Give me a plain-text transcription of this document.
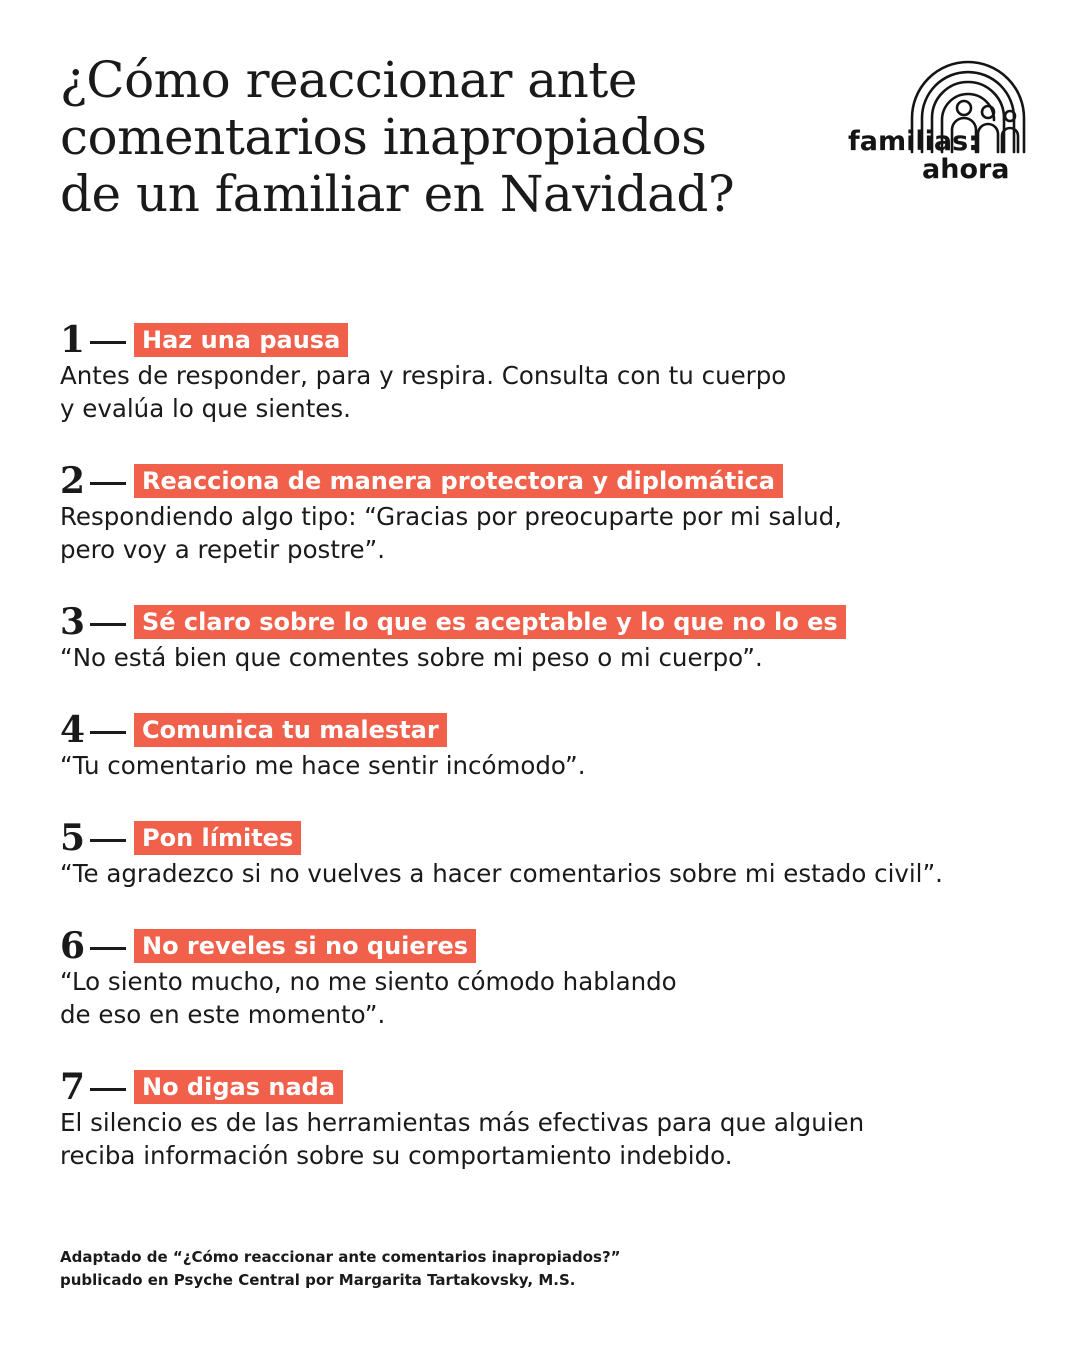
¿Cómo reaccionar ante
comentarios inapropiados
de un familiar en Navidad?
familias:
ahora
1	Haz una pausa

Antes de responder, para y respira. Consulta con tu cuerpo
y evalúa lo que sientes.

2	Reacciona de manera protectora y diplomática

Respondiendo algo tipo: “Gracias por preocuparte por mi salud,
pero voy a repetir postre”.

3	Sé claro sobre lo que es aceptable y lo que no lo es

“No está bien que comentes sobre mi peso o mi cuerpo”.

4	Comunica tu malestar

“Tu comentario me hace sentir incómodo”.

5	Pon límites

“Te agradezco si no vuelves a hacer comentarios sobre mi estado civil”.

6	No reveles si no quieres

“Lo siento mucho, no me siento cómodo hablando
de eso en este momento”.

7	No digas nada

El silencio es de las herramientas más efectivas para que alguien
reciba información sobre su comportamiento indebido.

Adaptado de “¿Cómo reaccionar ante comentarios inapropiados?”
publicado en Psyche Central por Margarita Tartakovsky, M.S.
